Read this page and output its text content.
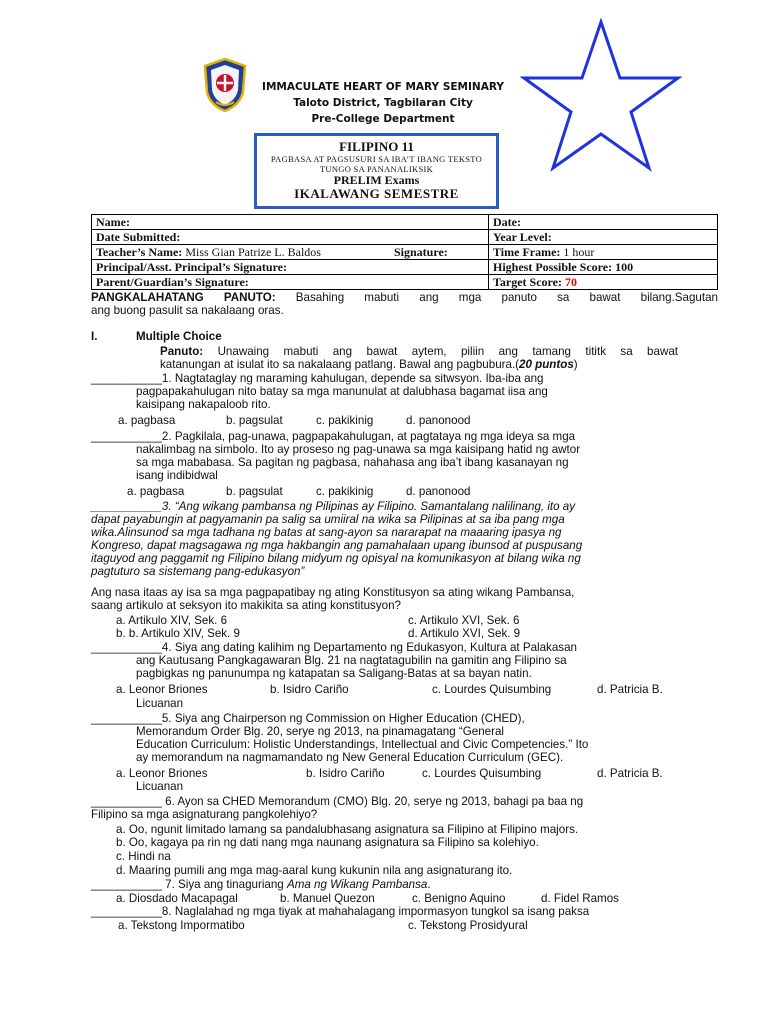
IMMACULATE HEART OF MARY SEMINARY
Taloto District, Tagbilaran City
Pre-College Department
FILIPINO 11
PAGBASA AT PAGSUSURI SA IBA’T IBANG TEKSTO
TUNGO SA PANANALIKSIK
PRELIM Exams
IKALAWANG SEMESTRE
Name:	Date:
Date Submitted:	Year Level:
Teacher’s Name: Miss Gian Patrize L. Baldos Signature:	Time Frame: 1 hour
Principal/Asst. Principal’s Signature:	Highest Possible Score: 100
Parent/Guardian’s Signature:	Target Score: 70
PANGKALAHATANG PANUTO: Basahing mabuti ang mga panuto sa bawat bilang.Sagutan
ang buong pasulit sa nakalaang oras.
I.	Multiple Choice
Panuto: Unawaing mabuti ang bawat aytem, piliin ang tamang tititk sa bawat
katanungan at isulat ito sa nakalaang patlang. Bawal ang pagbubura.(20 puntos)
___________1. Nagtataglay ng maraming kahulugan, depende sa sitwsyon. Iba-iba ang
pagpapakahulugan nito batay sa mga manunulat at dalubhasa bagamat iisa ang
kaisipang nakapaloob rito.
a. pagbasa	b. pagsulat	c. pakikinig	d. panonood
___________2. Pagkilala, pag-unawa, pagpapakahulugan, at pagtataya ng mga ideya sa mga
nakalimbag na simbolo. Ito ay proseso ng pag-unawa sa mga kaisipang hatid ng awtor
sa mga mababasa. Sa pagitan ng pagbasa, nahahasa ang iba’t ibang kasanayan ng
isang indibidwal
a. pagbasa	b. pagsulat	c. pakikinig	d. panonood
___________3. “Ang wikang pambansa ng Pilipinas ay Filipino. Samantalang nalilinang, ito ay
dapat payabungin at pagyamanin pa salig sa umiiral na wika sa Pilipinas at sa iba pang mga
wika.Alinsunod sa mga tadhana ng batas at sang-ayon sa nararapat na maaaring ipasya ng
Kongreso, dapat magsagawa ng mga hakbangin ang pamahalaan upang ibunsod at puspusang
itaguyod ang paggamit ng Filipino bilang midyum ng opisyal na komunikasyon at bilang wika ng
pagtuturo sa sistemang pang-edukasyon”
Ang nasa itaas ay isa sa mga pagpapatibay ng ating Konstitusyon sa ating wikang Pambansa,
saang artikulo at seksyon ito makikita sa ating konstitusyon?
a. Artikulo XIV, Sek. 6	c. Artikulo XVI, Sek. 6
b. b. Artikulo XIV, Sek. 9	d. Artikulo XVI, Sek. 9
___________4. Siya ang dating kalihim ng Departamento ng Edukasyon, Kultura at Palakasan
ang Kautusang Pangkagawaran Blg. 21 na nagtatagubilin na gamitin ang Filipino sa
pagbigkas ng panunumpa ng katapatan sa Saligang-Batas at sa bayan natin.
a. Leonor Briones	b. Isidro Cariño	c. Lourdes Quisumbing	d. Patricia B.
Licuanan
___________5. Siya ang Chairperson ng Commission on Higher Education (CHED),
Memorandum Order Blg. 20, serye ng 2013, na pinamagatang “General
Education Curriculum: Holistic Understandings, Intellectual and Civic Competencies.” Ito
ay memorandum na nagmamandato ng New General Education Curriculum (GEC).
a. Leonor Briones	b. Isidro Cariño	c. Lourdes Quisumbing	d. Patricia B.
Licuanan
___________ 6. Ayon sa CHED Memorandum (CMO) Blg. 20, serye ng 2013, bahagi pa baa ng
Filipino sa mga asignaturang pangkolehiyo?
a. Oo, ngunit limitado lamang sa pandalubhasang asignatura sa Filipino at Filipino majors.
b. Oo, kagaya pa rin ng dati nang mga naunang asignatura sa Filipino sa kolehiyo.
c. Hindi na
d. Maaring pumili ang mga mag-aaral kung kukunin nila ang asignaturang ito.
___________ 7. Siya ang tinaguriang Ama ng Wikang Pambansa.
a. Diosdado Macapagal	b. Manuel Quezon	c. Benigno Aquino	d. Fidel Ramos
___________8. Naglalahad ng mga tiyak at mahahalagang impormasyon tungkol sa isang paksa
a. Tekstong Impormatibo	c. Tekstong Prosidyural
